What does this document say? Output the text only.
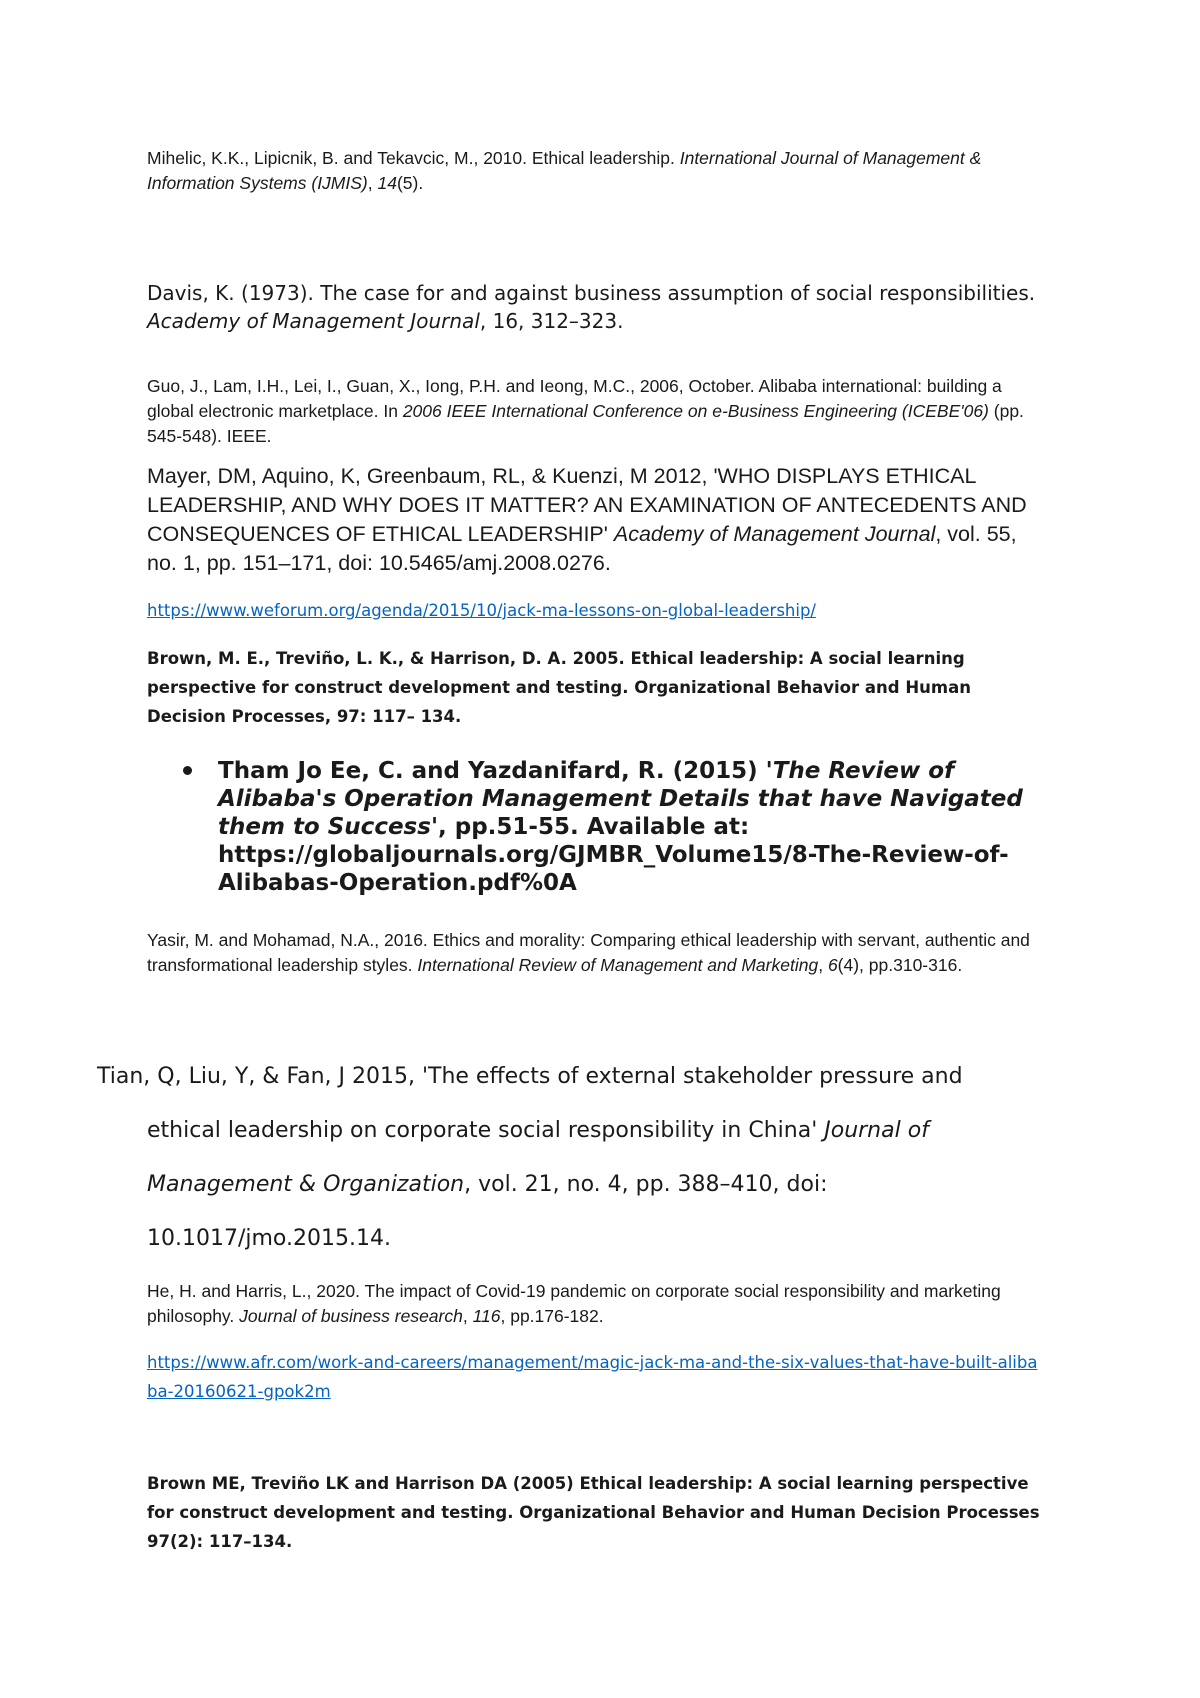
Mihelic, K.K., Lipicnik, B. and Tekavcic, M., 2010. Ethical leadership. International Journal of Management & Information Systems (IJMIS), 14(5).

Davis, K. (1973). The case for and against business assumption of social responsibilities. Academy of Management Journal, 16, 312–323.

Guo, J., Lam, I.H., Lei, I., Guan, X., Iong, P.H. and Ieong, M.C., 2006, October. Alibaba international: building a global electronic marketplace. In 2006 IEEE International Conference on e-Business Engineering (ICEBE'06) (pp. 545-548). IEEE.

Mayer, DM, Aquino, K, Greenbaum, RL, & Kuenzi, M 2012, 'WHO DISPLAYS ETHICAL LEADERSHIP, AND WHY DOES IT MATTER? AN EXAMINATION OF ANTECEDENTS AND CONSEQUENCES OF ETHICAL LEADERSHIP' Academy of Management Journal, vol. 55, no. 1, pp. 151–171, doi: 10.5465/amj.2008.0276.

https://www.weforum.org/agenda/2015/10/jack-ma-lessons-on-global-leadership/

Brown, M. E., Treviño, L. K., & Harrison, D. A. 2005. Ethical leadership: A social learning perspective for construct development and testing. Organizational Behavior and Human Decision Processes, 97: 117– 134.

Tham Jo Ee, C. and Yazdanifard, R. (2015) 'The Review of Alibaba's Operation Management Details that have Navigated them to Success', pp.51-55. Available at: https://globaljournals.org/GJMBR_Volume15/8-The-Review-of-Alibabas-Operation.pdf%0A

Yasir, M. and Mohamad, N.A., 2016. Ethics and morality: Comparing ethical leadership with servant, authentic and transformational leadership styles. International Review of Management and Marketing, 6(4), pp.310-316.

Tian, Q, Liu, Y, & Fan, J 2015, 'The effects of external stakeholder pressure and
ethical leadership on corporate social responsibility in China' Journal of
Management & Organization, vol. 21, no. 4, pp. 388–410, doi:
10.1017/jmo.2015.14.

He, H. and Harris, L., 2020. The impact of Covid-19 pandemic on corporate social responsibility and marketing philosophy. Journal of business research, 116, pp.176-182.

https://www.afr.com/work-and-careers/management/magic-jack-ma-and-the-six-values-that-have-built-alibaba-20160621-gpok2m

Brown ME, Treviño LK and Harrison DA (2005) Ethical leadership: A social learning perspective for construct development and testing. Organizational Behavior and Human Decision Processes 97(2): 117–134.
